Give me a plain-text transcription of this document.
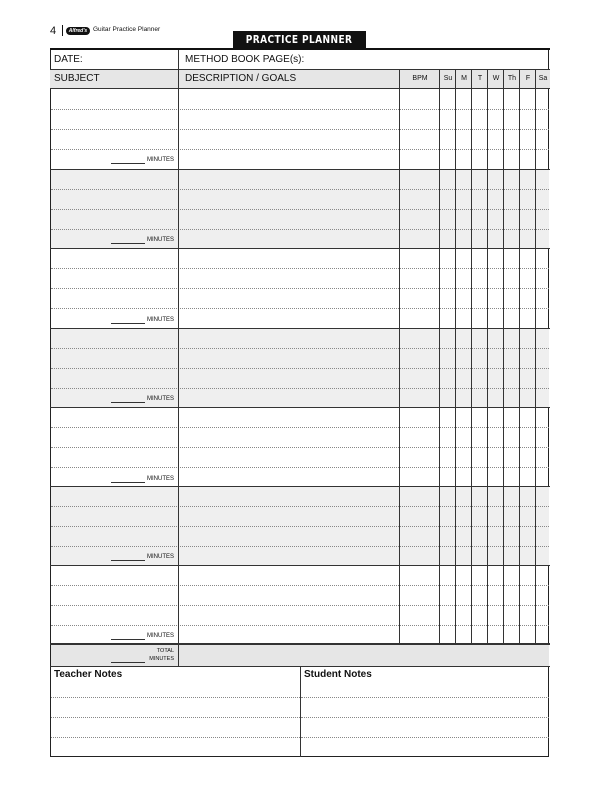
4	Alfred's Guitar Practice Planner
PRACTICE PLANNER
DATE:	METHOD BOOK PAGE(s):
SUBJECT	DESCRIPTION / GOALS	BPM	Su	M	T	W	Th	F	Sa
MINUTES
MINUTES
MINUTES
MINUTES
MINUTES
MINUTES
MINUTES
TOTAL
MINUTES
Teacher Notes	Student Notes
